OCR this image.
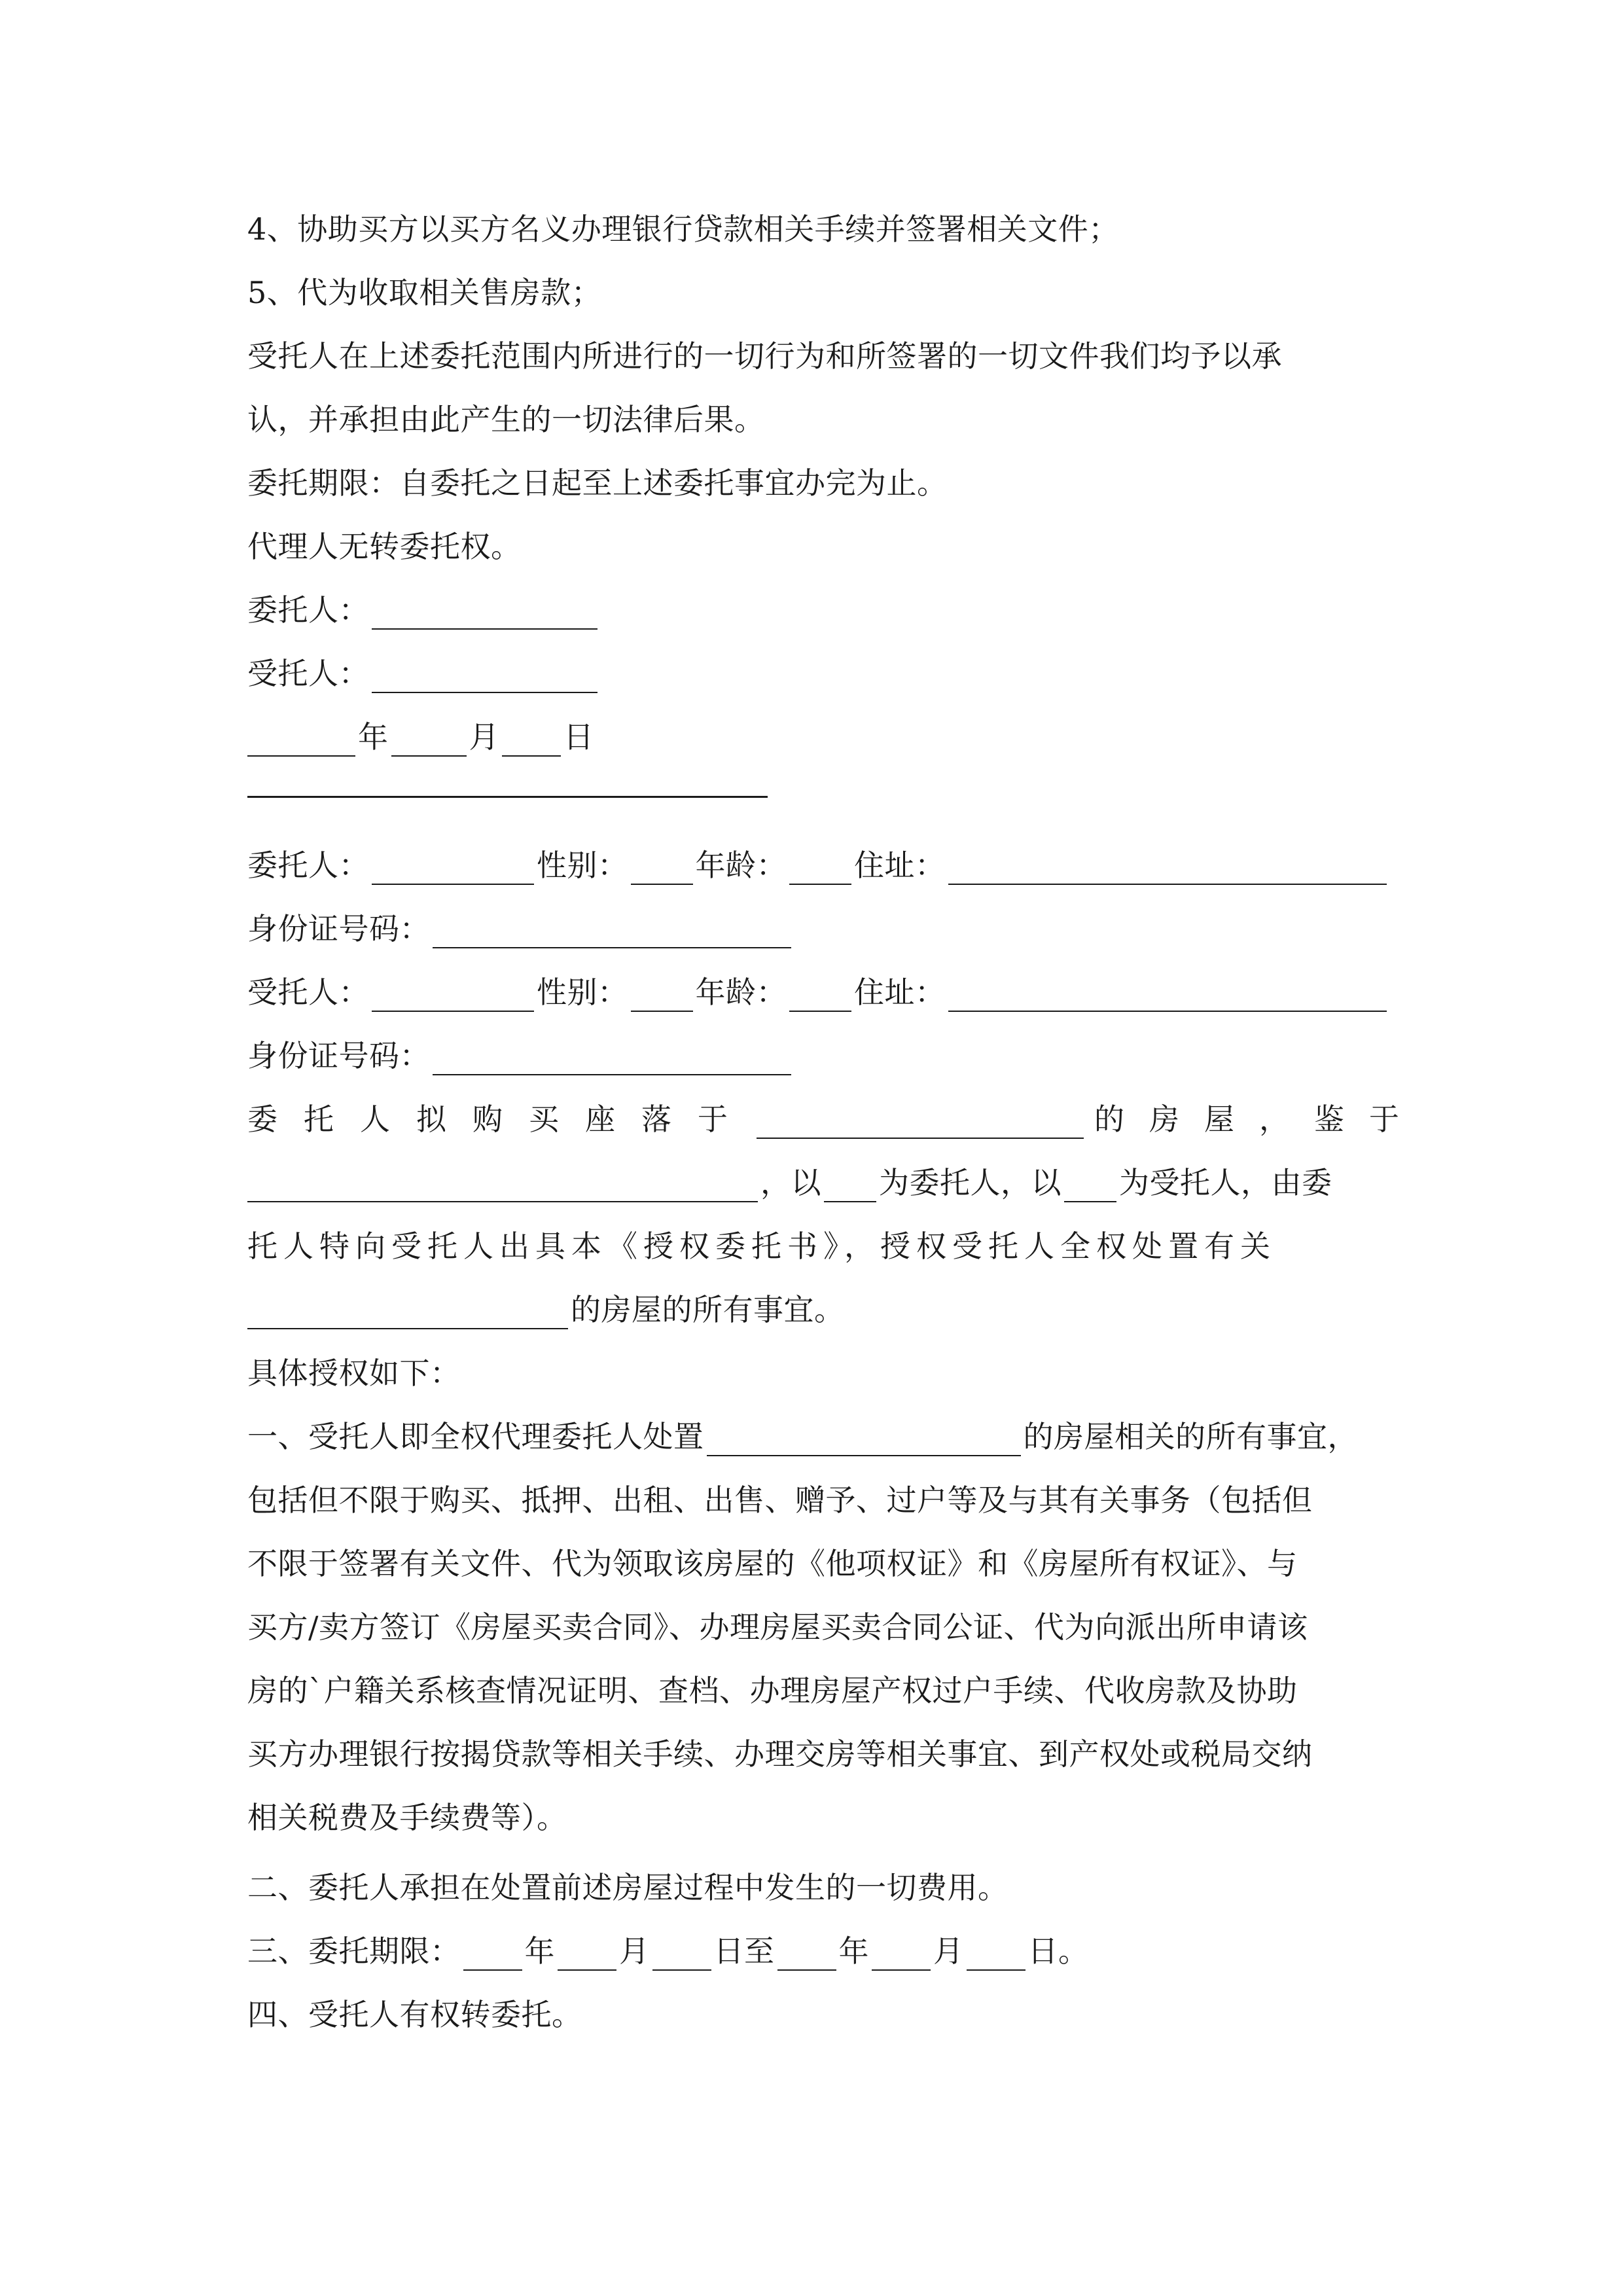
4、协助买方以买方名义办理银行贷款相关手续并签署相关文件；
5、代为收取相关售房款；
受托人在上述委托范围内所进行的一切行为和所签署的一切文件我们均予以承
认，并承担由此产生的一切法律后果。
委托期限：自委托之日起至上述委托事宜办完为止。
代理人无转委托权。
委托人：
受托人：
年	月 日
委托人：	性别： 年龄： 住址：
身份证号码：
受托人：	性别： 年龄： 住址：
身份证号码：
委托人拟购买座落于	的房屋，鉴于
，以 为委托人，以 为受托人，由委
托人特向受托人出具本《授权委托书》，授权受托人全权处置有关
的房屋的所有事宜。
具体授权如下：
一、受托人即全权代理委托人处置	的房屋相关的所有事宜，
包括但不限于购买、抵押、出租、出售、赠予、过户等及与其有关事务（包括但
不限于签署有关文件、代为领取该房屋的《他项权证》和《房屋所有权证》、与
买方/卖方签订《房屋买卖合同》、办理房屋买卖合同公证、代为向派出所申请该
房的`户籍关系核查情况证明、查档、办理房屋产权过户手续、代收房款及协助
买方办理银行按揭贷款等相关手续、办理交房等相关事宜、到产权处或税局交纳
相关税费及手续费等）。
二、委托人承担在处置前述房屋过程中发生的一切费用。
三、委托期限： 年 月 日至 年 月 日。
四、受托人有权转委托。
